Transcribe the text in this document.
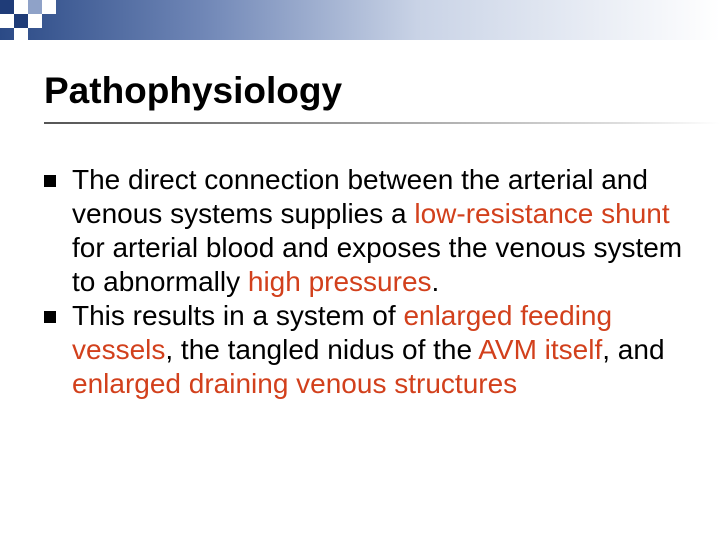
Pathophysiology
The direct connection between the arterial and venous systems supplies a low-resistance shunt for arterial blood and exposes the venous system to abnormally high pressures.
This results in a system of enlarged feeding vessels, the tangled nidus of the AVM itself, and enlarged draining venous structures
